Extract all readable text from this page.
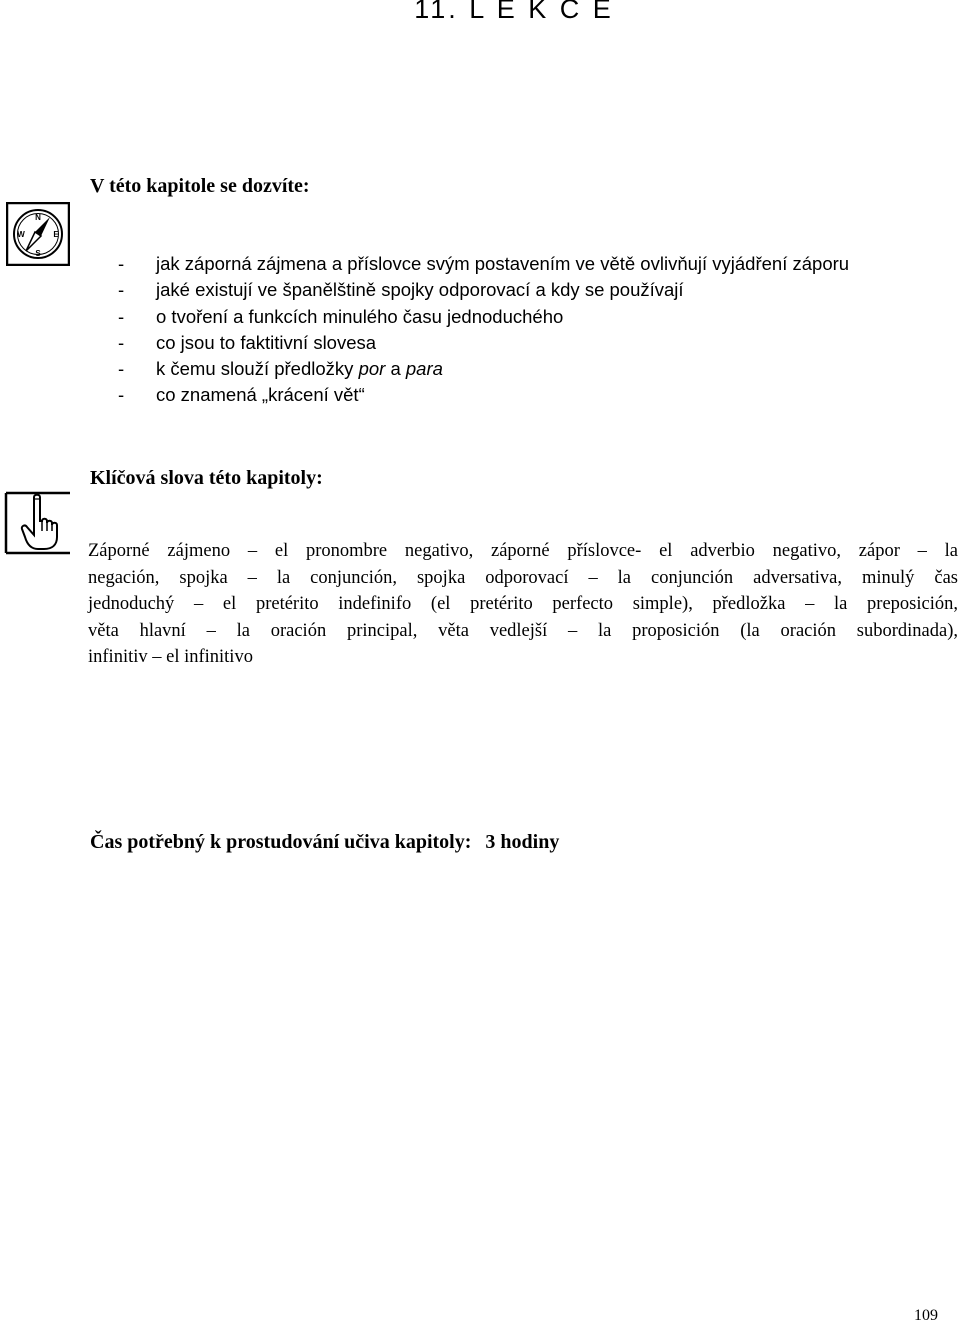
11. L E K C E
V této kapitole se dozvíte:
N
S
W	E
- jak záporná zájmena a příslovce svým postavením ve větě ovlivňují vyjádření záporu
- jaké existují ve španělštině spojky odporovací a kdy se používají
- o tvoření a funkcích minulého času jednoduchého
- co jsou to faktitivní slovesa
- k čemu slouží předložky por a para
- co znamená „krácení vět“
Klíčová slova této kapitoly:

Záporné zájmeno – el pronombre negativo, záporné příslovce- el adverbio negativo, zápor – la
negación, spojka – la conjunción, spojka odporovací – la conjunción adversativa, minulý čas
jednoduchý – el pretérito indefinifo (el pretérito perfecto simple), předložka – la preposición,
věta hlavní – la oración principal, věta vedlejší – la proposición (la oración subordinada),
infinitiv – el infinitivo

Čas potřebný k prostudování učiva kapitoly: 3 hodiny

109
